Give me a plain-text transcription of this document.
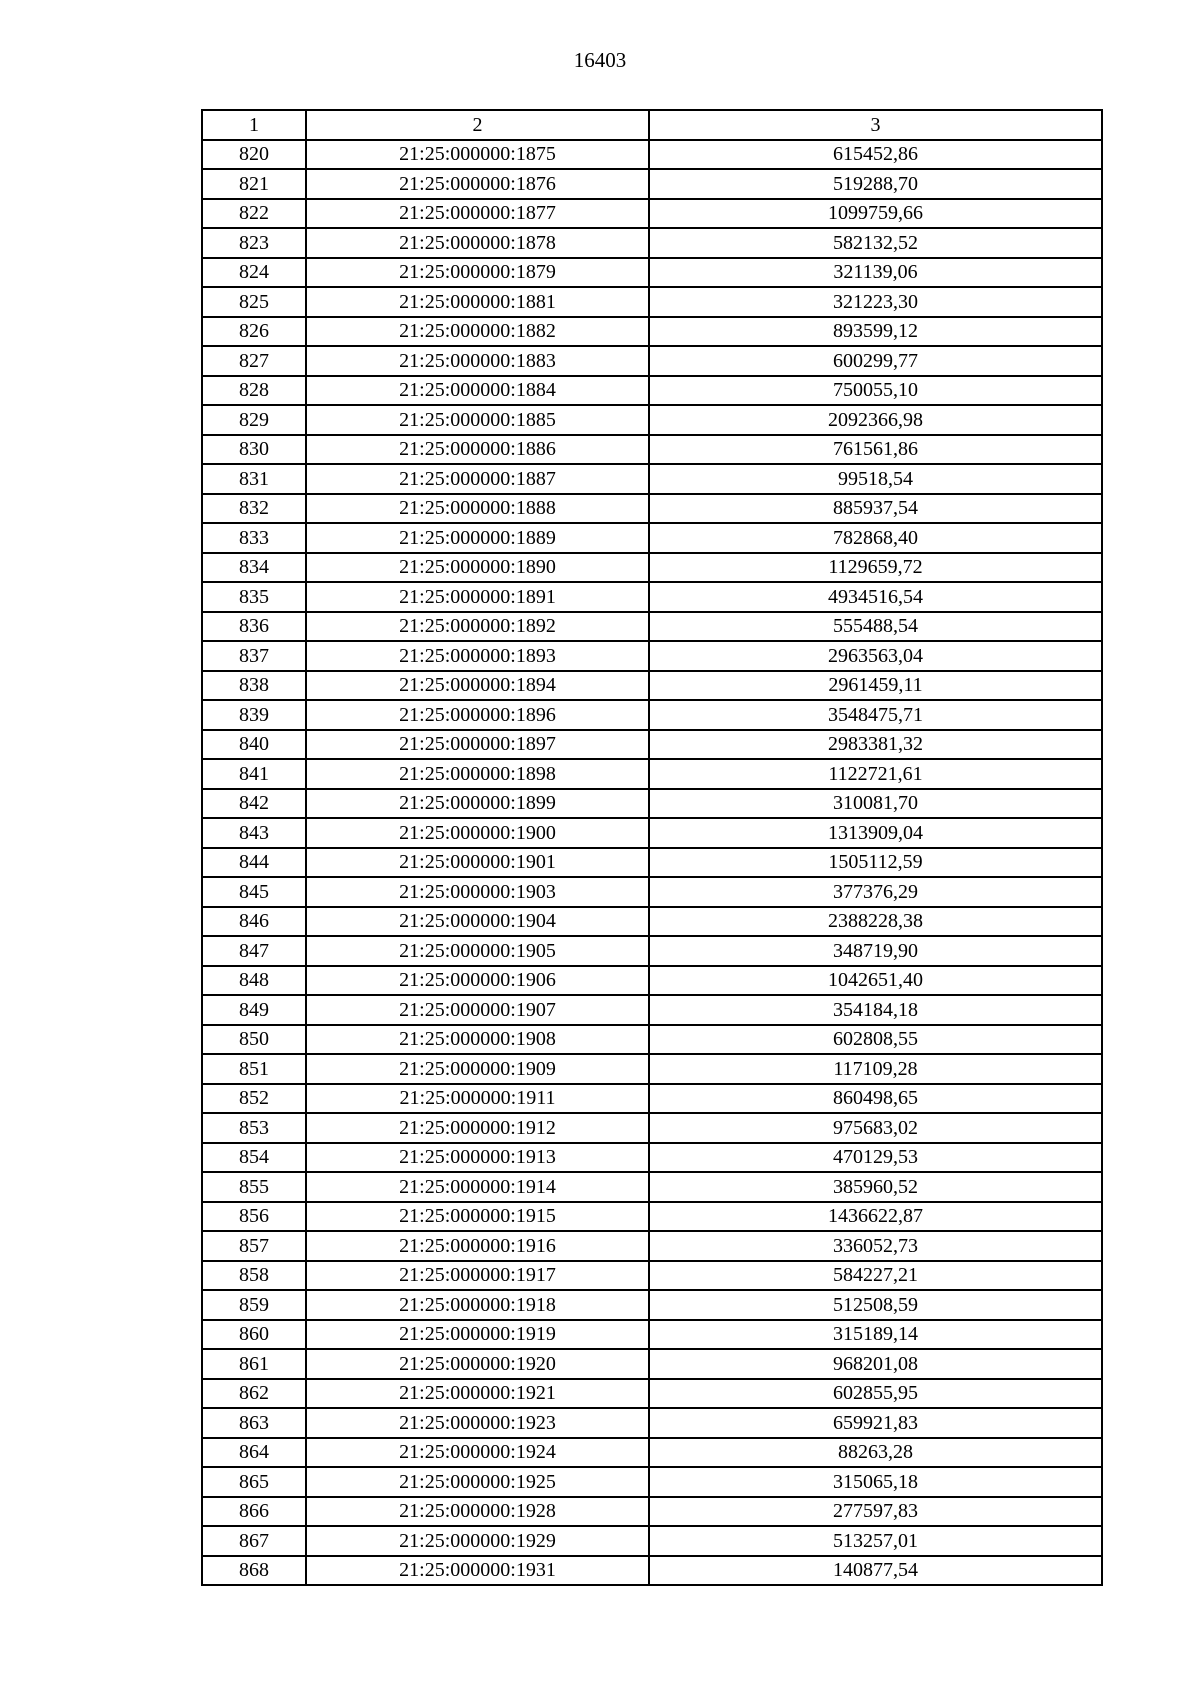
16403
1	2	3
820	21:25:000000:1875	615452,86
821	21:25:000000:1876	519288,70
822	21:25:000000:1877	1099759,66
823	21:25:000000:1878	582132,52
824	21:25:000000:1879	321139,06
825	21:25:000000:1881	321223,30
826	21:25:000000:1882	893599,12
827	21:25:000000:1883	600299,77
828	21:25:000000:1884	750055,10
829	21:25:000000:1885	2092366,98
830	21:25:000000:1886	761561,86
831	21:25:000000:1887	99518,54
832	21:25:000000:1888	885937,54
833	21:25:000000:1889	782868,40
834	21:25:000000:1890	1129659,72
835	21:25:000000:1891	4934516,54
836	21:25:000000:1892	555488,54
837	21:25:000000:1893	2963563,04
838	21:25:000000:1894	2961459,11
839	21:25:000000:1896	3548475,71
840	21:25:000000:1897	2983381,32
841	21:25:000000:1898	1122721,61
842	21:25:000000:1899	310081,70
843	21:25:000000:1900	1313909,04
844	21:25:000000:1901	1505112,59
845	21:25:000000:1903	377376,29
846	21:25:000000:1904	2388228,38
847	21:25:000000:1905	348719,90
848	21:25:000000:1906	1042651,40
849	21:25:000000:1907	354184,18
850	21:25:000000:1908	602808,55
851	21:25:000000:1909	117109,28
852	21:25:000000:1911	860498,65
853	21:25:000000:1912	975683,02
854	21:25:000000:1913	470129,53
855	21:25:000000:1914	385960,52
856	21:25:000000:1915	1436622,87
857	21:25:000000:1916	336052,73
858	21:25:000000:1917	584227,21
859	21:25:000000:1918	512508,59
860	21:25:000000:1919	315189,14
861	21:25:000000:1920	968201,08
862	21:25:000000:1921	602855,95
863	21:25:000000:1923	659921,83
864	21:25:000000:1924	88263,28
865	21:25:000000:1925	315065,18
866	21:25:000000:1928	277597,83
867	21:25:000000:1929	513257,01
868	21:25:000000:1931	140877,54
